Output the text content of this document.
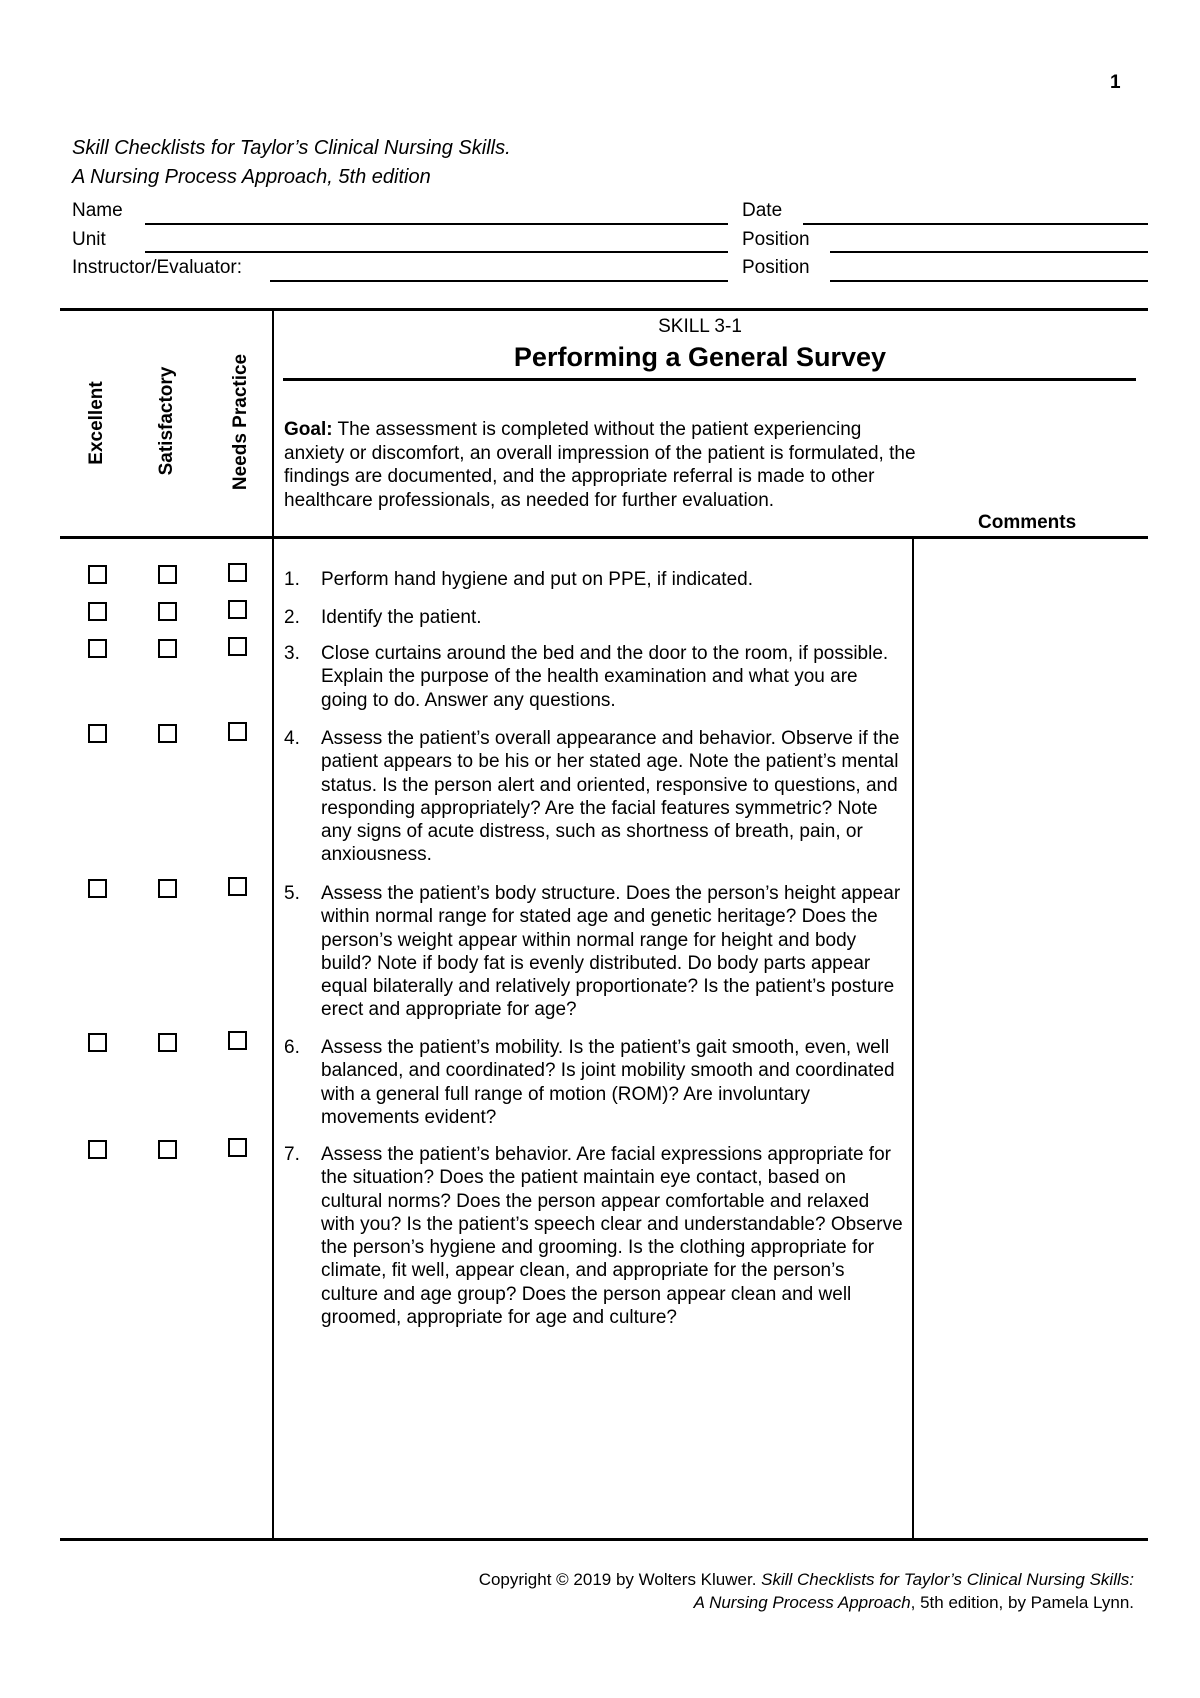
1
Skill Checklists for Taylor’s Clinical Nursing Skills.
A Nursing Process Approach, 5th edition
Name	Date
Unit	Position
Instructor/Evaluator:	Position
Excellent	Satisfactory	Needs Practice
SKILL 3-1
Performing a General Survey
Goal: The assessment is completed without the patient experiencing anxiety or discomfort, an overall impression of the patient is formulated, the findings are documented, and the appropriate referral is made to other healthcare professionals, as needed for further evaluation.
Comments
1. Perform hand hygiene and put on PPE, if indicated.
2. Identify the patient.
3. Close curtains around the bed and the door to the room, if possible. Explain the purpose of the health examination and what you are going to do. Answer any questions.
4. Assess the patient’s overall appearance and behavior. Observe if the patient appears to be his or her stated age. Note the patient’s mental status. Is the person alert and oriented, responsive to questions, and responding appropriately? Are the facial features symmetric? Note any signs of acute distress, such as shortness of breath, pain, or anxiousness.
5. Assess the patient’s body structure. Does the person’s height appear within normal range for stated age and genetic heritage? Does the person’s weight appear within normal range for height and body build? Note if body fat is evenly distributed. Do body parts appear equal bilaterally and relatively proportionate? Is the patient’s posture erect and appropriate for age?
6. Assess the patient’s mobility. Is the patient’s gait smooth, even, well balanced, and coordinated? Is joint mobility smooth and coordinated with a general full range of motion (ROM)? Are involuntary movements evident?
7. Assess the patient’s behavior. Are facial expressions appropriate for the situation? Does the patient maintain eye contact, based on cultural norms? Does the person appear comfortable and relaxed with you? Is the patient’s speech clear and understandable? Observe the person’s hygiene and grooming. Is the clothing appropriate for climate, fit well, appear clean, and appropriate for the person’s culture and age group? Does the person appear clean and well groomed, appropriate for age and culture?
Copyright © 2019 by Wolters Kluwer. Skill Checklists for Taylor’s Clinical Nursing Skills:
A Nursing Process Approach, 5th edition, by Pamela Lynn.
